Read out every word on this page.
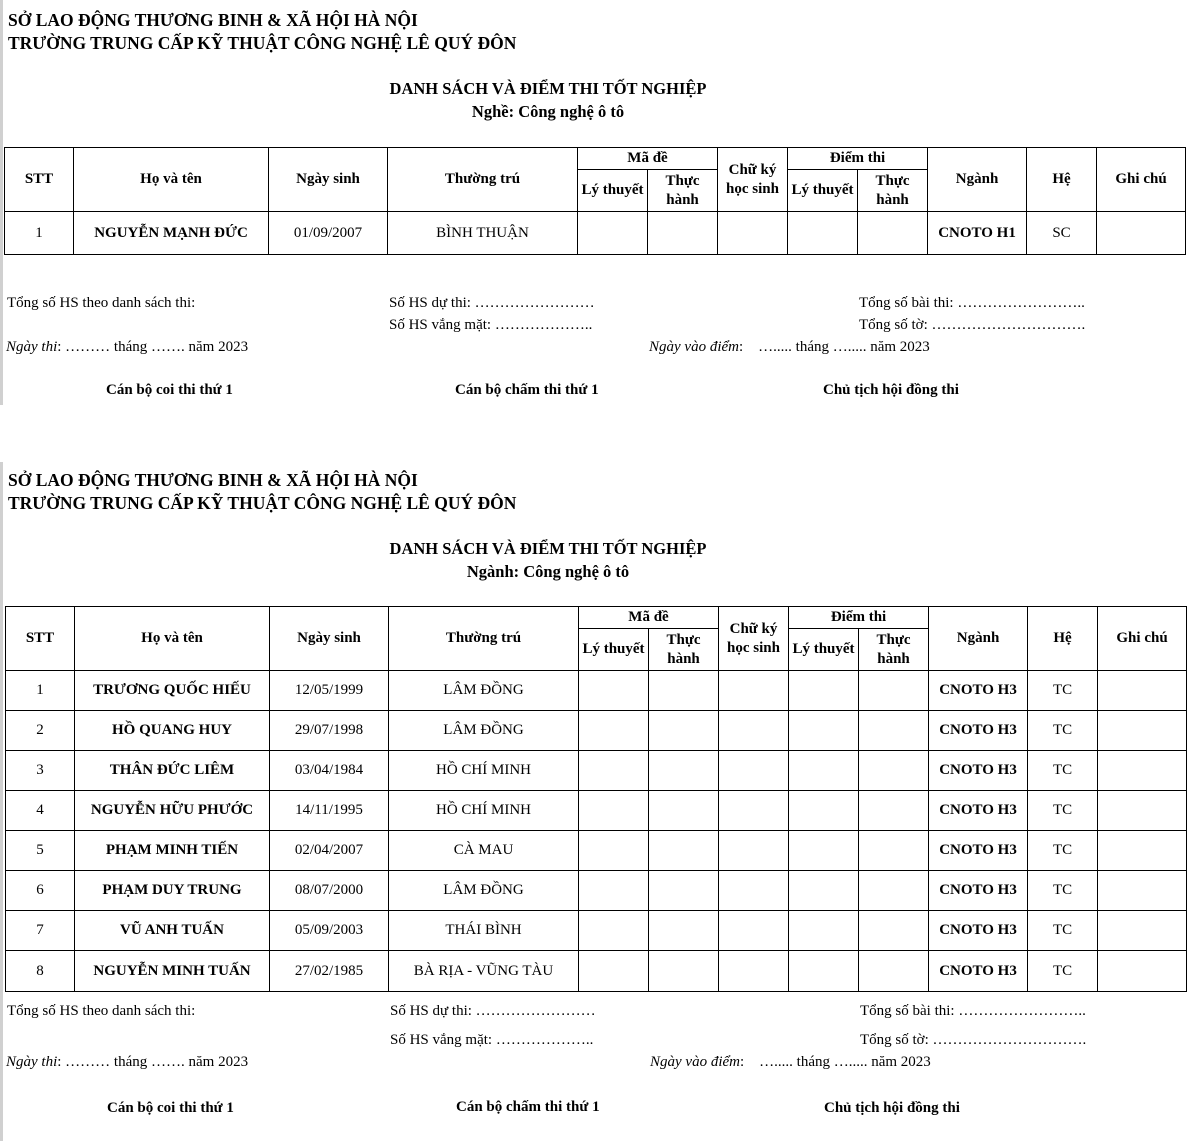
SỞ LAO ĐỘNG THƯƠNG BINH & XÃ HỘI HÀ NỘI
TRƯỜNG TRUNG CẤP KỸ THUẬT CÔNG NGHỆ LÊ QUÝ ĐÔN
DANH SÁCH VÀ ĐIỂM THI TỐT NGHIỆP
Nghề: Công nghệ ô tô
STT	Họ và tên	Ngày sinh	Thường trú	Mã đề		Chữ ký học sinh	Điểm thi		Ngành	Hệ	Ghi chú
				Lý thuyết	Thực hành		Lý thuyết	Thực hành			
1	NGUYỄN MẠNH ĐỨC	01/09/2007	BÌNH THUẬN						CNOTO H1	SC	
Tổng số HS theo danh sách thi:	Số HS dự thi: ……………………
Số HS vắng mặt: ………………..
Tổng số bài thi: ……………………..
Tổng số tờ: ………………………….
Ngày thi: ……… tháng ……. năm 2023	Ngày vào điểm:    …..... tháng …..... năm 2023
Cán bộ coi thi thứ 1	Cán bộ chấm thi thứ 1	Chủ tịch hội đồng thi
SỞ LAO ĐỘNG THƯƠNG BINH & XÃ HỘI HÀ NỘI
TRƯỜNG TRUNG CẤP KỸ THUẬT CÔNG NGHỆ LÊ QUÝ ĐÔN
DANH SÁCH VÀ ĐIỂM THI TỐT NGHIỆP
Ngành: Công nghệ ô tô
STT	Họ và tên	Ngày sinh	Thường trú	Mã đề		Chữ ký học sinh	Điểm thi		Ngành	Hệ	Ghi chú
				Lý thuyết	Thực hành		Lý thuyết	Thực hành			
1	TRƯƠNG QUỐC HIẾU	12/05/1999	LÂM ĐỒNG						CNOTO H3	TC	
2	HỒ QUANG HUY	29/07/1998	LÂM ĐỒNG						CNOTO H3	TC	
3	THÂN ĐỨC LIÊM	03/04/1984	HỒ CHÍ MINH						CNOTO H3	TC	
4	NGUYỄN HỮU PHƯỚC	14/11/1995	HỒ CHÍ MINH						CNOTO H3	TC	
5	PHẠM MINH TIẾN	02/04/2007	CÀ MAU						CNOTO H3	TC	
6	PHẠM DUY TRUNG	08/07/2000	LÂM ĐỒNG						CNOTO H3	TC	
7	VŨ ANH TUẤN	05/09/2003	THÁI BÌNH						CNOTO H3	TC	
8	NGUYỄN MINH TUẤN	27/02/1985	BÀ RỊA - VŨNG TÀU						CNOTO H3	TC	
Tổng số HS theo danh sách thi:	Số HS dự thi: ……………………
Số HS vắng mặt: ………………..
Tổng số bài thi: ……………………..
Tổng số tờ: ………………………….
Ngày thi: ……… tháng ……. năm 2023	Ngày vào điểm:    …..... tháng …..... năm 2023
Cán bộ coi thi thứ 1	Cán bộ chấm thi thứ 1	Chủ tịch hội đồng thi
